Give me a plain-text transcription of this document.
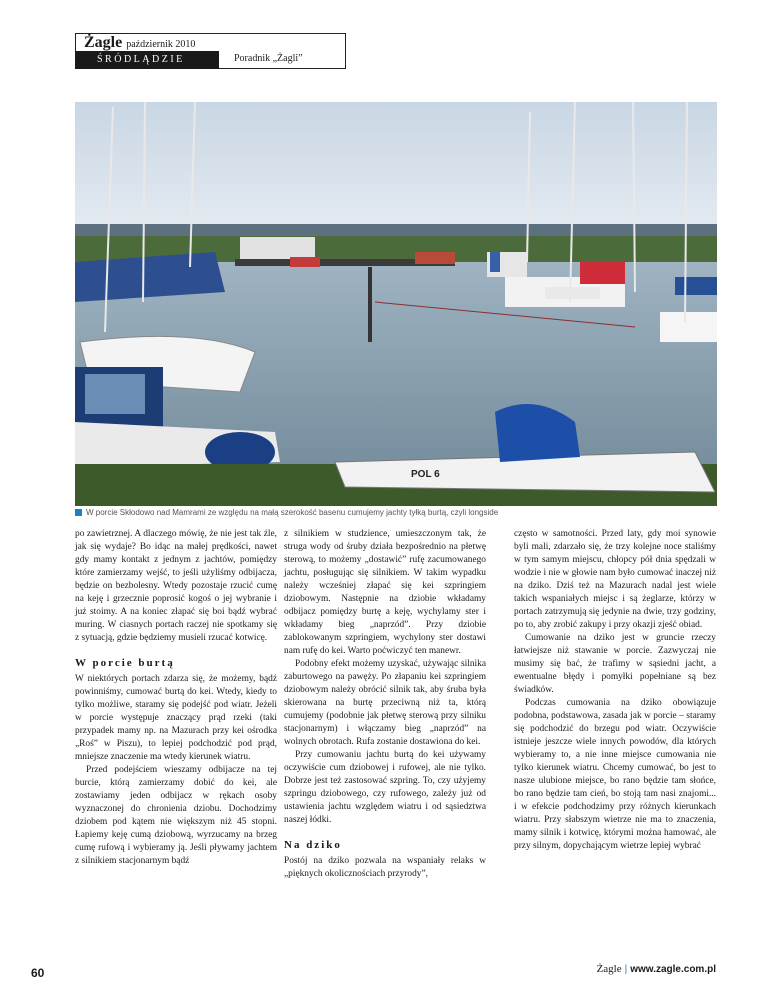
Żagle październik 2010
ŚRÓDLĄDZIE	Poradnik „Żagli”
POL 6
W porcie Skłodowo nad Mamrami ze względu na małą szerokość basenu cumujemy jachty tyłką burtą, czyli longside

po zawietrznej. A dlaczego mówię, że nie jest tak źle, jak się wydaje? Bo idąc na małej prędkości, nawet gdy mamy kontakt z jednym z jachtów, pomiędzy które zamierzamy wejść, to jeśli użyliśmy odbijacza, będzie on bezbolesny. Wtedy pozostaje rzucić cumę na keję i grzecznie poprosić kogoś o jej wybranie i już stoimy. A na koniec złapać się boi bądź wybrać muring. W ciasnych portach raczej nie spotkamy się z sytuacją, gdzie będziemy musieli rzucać kotwicę.

W porcie burtą

W niektórych portach zdarza się, że możemy, bądź powinniśmy, cumować burtą do kei. Wtedy, kiedy to tylko możliwe, staramy się podejść pod wiatr. Jeżeli w porcie występuje znaczący prąd rzeki (taki przypadek mamy np. na Mazurach przy kei ośrodka „Roś” w Piszu), to lepiej podchodzić pod prąd, mniejsze znaczenie ma wtedy kierunek wiatru.

Przed podejściem wieszamy odbijacze na tej burcie, którą zamierzamy dobić do kei, ale zostawiamy jeden odbijacz w rękach osoby wyznaczonej do chronienia dziobu. Dochodzimy dziobem pod kątem nie większym niż 45 stopni. Łapiemy keję cumą dziobową, wyrzucamy na brzeg cumę rufową i wybieramy ją. Jeśli pływamy jachtem z silnikiem stacjonarnym bądź

z silnikiem w studzience, umieszczonym tak, że struga wody od śruby działa bezpośrednio na płetwę sterową, to możemy „dostawić” rufę zacumowanego jachtu, posługując się silnikiem. W takim wypadku należy wcześniej złapać się kei szpringiem dziobowym. Następnie na dziobie wkładamy odbijacz pomiędzy burtę a keję, wychylamy ster i wkładamy bieg „naprzód”. Przy dziobie zablokowanym szpringiem, wychylony ster dostawi nam rufę do kei. Warto poćwiczyć ten manewr.

Podobny efekt możemy uzyskać, używając silnika zaburtowego na pawęży. Po złapaniu kei szpringiem dziobowym należy obrócić silnik tak, aby śruba była skierowana na burtę przeciwną niż ta, którą cumujemy (podobnie jak płetwę sterową przy silniku stacjonarnym) i włączamy bieg „naprzód” na wolnych obrotach. Rufa zostanie dostawiona do kei.

Przy cumowaniu jachtu burtą do kei używamy oczywiście cum dziobowej i rufowej, ale nie tylko. Dobrze jest też zastosować szpring. To, czy użyjemy szpringu dziobowego, czy rufowego, zależy już od ustawienia jachtu względem wiatru i od sąsiedztwa naszej łódki.

Na dziko

Postój na dziko pozwala na wspaniały relaks w „pięknych okolicznościach przyrody”,

często w samotności. Przed laty, gdy moi synowie byli mali, zdarzało się, że trzy kolejne noce staliśmy w tym samym miejscu, chłopcy pół dnia spędzali w wodzie i nie w głowie nam było cumować inaczej niż na dziko. Dziś też na Mazurach nadal jest wiele takich wspaniałych miejsc i są żeglarze, którzy w portach zatrzymują się jedynie na dwie, trzy godziny, po to, aby zrobić zakupy i przy okazji zjeść obiad.

Cumowanie na dziko jest w gruncie rzeczy łatwiejsze niż stawanie w porcie. Zazwyczaj nie musimy się bać, że trafimy w sąsiedni jacht, a ewentualne błędy i pomyłki popełniane są bez świadków.

Podczas cumowania na dziko obowiązuje podobna, podstawowa, zasada jak w porcie – staramy się podchodzić do brzegu pod wiatr. Oczywiście istnieje jeszcze wiele innych powodów, dla których wybieramy to, a nie inne miejsce cumowania nie tylko kierunek wiatru. Chcemy cumować, bo jest to nasze ulubione miejsce, bo rano będzie tam słońce, bo rano będzie tam cień, bo stoją tam nasi znajomi... i w efekcie podchodzimy przy różnych kierunkach wiatru. Przy słabszym wietrze nie ma to znaczenia, mamy silnik i kotwicę, którymi można hamować, ale przy silnym, dopychającym wietrze lepiej wybrać

60	Żagle | www.zagle.com.pl
